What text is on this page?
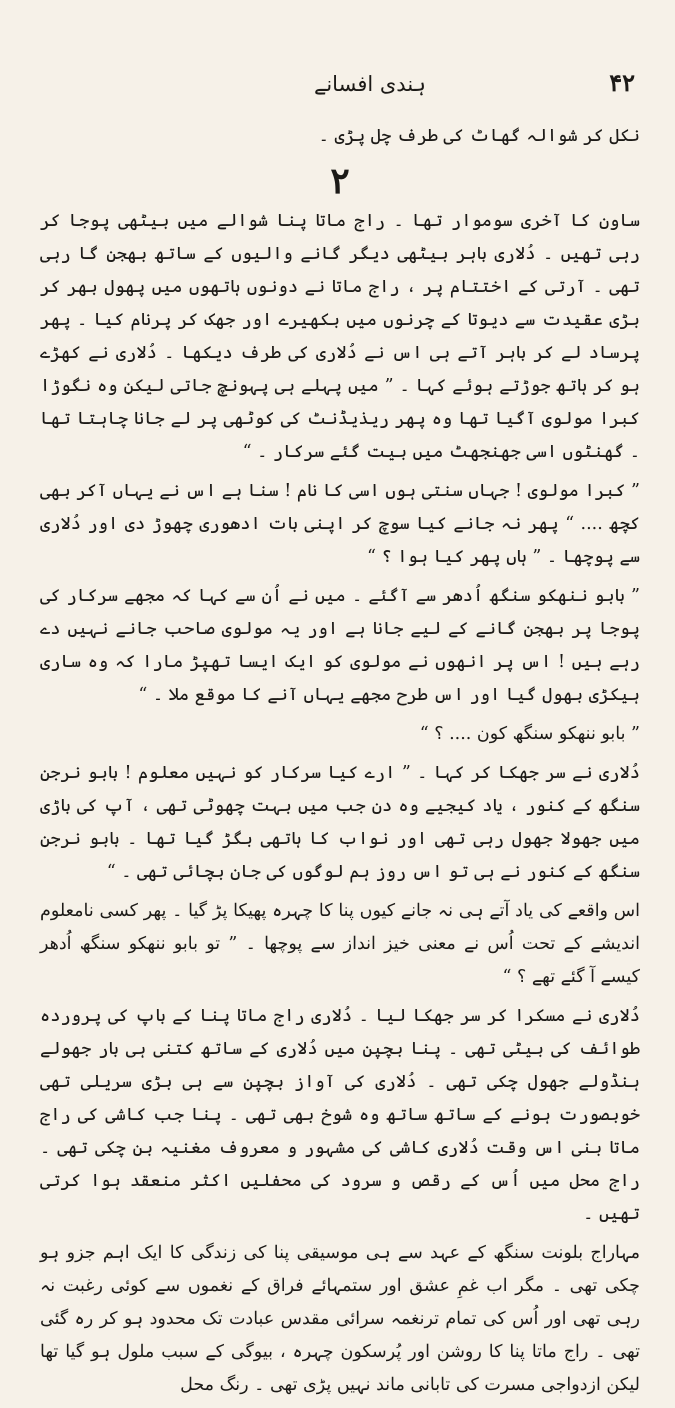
۴۲
ہندی افسانے

نکل کر شوالہ گھاٹ کی طرف چل پڑی ۔

۲

ساون کا آخری سوموار تھا ۔ راج ماتا پنا شوالے میں بیٹھی پوجا کر رہی تھیں ۔ دُلاری باہر بیٹھی دیگر گانے والیوں کے ساتھ بھجن گا رہی تھی ۔ آرتی کے اختتام پر ، راج ماتا نے دونوں ہاتھوں میں پھول بھر کر بڑی عقیدت سے دیوتا کے چرنوں میں بکھیرے اور جھک کر پرنام کیا ۔ پھر پرساد لے کر باہر آتے ہی اس نے دُلاری کی طرف دیکھا ۔ دُلاری نے کھڑے ہو کر ہاتھ جوڑتے ہوئے کہا ۔ ” میں پہلے ہی پہونچ جاتی لیکن وہ نگوڑا کبرا مولوی آگیا تھا وہ پھر ریذیڈنٹ کی کوٹھی پر لے جانا چاہتا تھا ۔ گھنٹوں اسی جھنجھٹ میں بیت گئے سرکار ۔ “

” کبرا مولوی ! جہاں سنتی ہوں اسی کا نام ! سنا ہے اس نے یہاں آکر بھی کچھ .... “ پھر نہ جانے کیا سوچ کر اپنی بات ادھوری چھوڑ دی اور دُلاری سے پوچھا ۔ ” ہاں پھر کیا ہوا ؟ “

” بابو ننھکو سنگھ اُدھر سے آگئے ۔ میں نے اُن سے کہا کہ مجھے سرکار کی پوجا پر بھجن گانے کے لیے جانا ہے اور یہ مولوی صاحب جانے نہیں دے رہے ہیں ! اس پر انھوں نے مولوی کو ایک ایسا تھپڑ مارا کہ وہ ساری ہیکڑی بھول گیا اور اس طرح مجھے یہاں آنے کا موقع ملا ۔ “

” بابو ننھکو سنگھ کون .... ؟ “

دُلاری نے سر جھکا کر کہا ۔ ” ارے کیا سرکار کو نہیں معلوم ! بابو نرجن سنگھ کے کنور ، یاد کیجیے وہ دن جب میں بہت چھوٹی تھی ، آپ کی باڑی میں جھولا جھول رہی تھی اور نواب کا ہاتھی بگڑ گیا تھا ۔ بابو نرجن سنگھ کے کنور نے ہی تو اس روز ہم لوگوں کی جان بچائی تھی ۔ “

اس واقعے کی یاد آتے ہی نہ جانے کیوں پنا کا چہرہ پھیکا پڑ گیا ۔ پھر کسی نامعلوم اندیشے کے تحت اُس نے معنی خیز انداز سے پوچھا ۔ ” تو بابو ننھکو سنگھ اُدھر کیسے آ گئے تھے ؟ “

دُلاری نے مسکرا کر سر جھکا لیا ۔ دُلاری راج ماتا پنا کے باپ کی پروردہ طوائف کی بیٹی تھی ۔ پنا بچپن میں دُلاری کے ساتھ کتنی ہی بار جھولے ہنڈولے جھول چکی تھی ۔ دُلاری کی آواز بچپن سے ہی بڑی سریلی تھی خوبصورت ہونے کے ساتھ ساتھ وہ شوخ بھی تھی ۔ پنا جب کاشی کی راج ماتا بنی اس وقت دُلاری کاشی کی مشہور و معروف مغنیہ بن چکی تھی ۔ راج محل میں اُس کے رقص و سرود کی محفلیں اکثر منعقد ہوا کرتی تھیں ۔

مہاراج بلونت سنگھ کے عہد سے ہی موسیقی پنا کی زندگی کا ایک اہم جزو ہو چکی تھی ۔ مگر اب غمِ عشق اور ستمہائے فراق کے نغموں سے کوئی رغبت نہ رہی تھی اور اُس کی تمام ترنغمہ سرائی مقدس عبادت تک محدود ہو کر رہ گئی تھی ۔ راج ماتا پنا کا روشن اور پُرسکون چہرہ ، بیوگی کے سبب ملول ہو گیا تھا لیکن ازدواجی مسرت کی تابانی ماند نہیں پڑی تھی ۔ رنگ محل
